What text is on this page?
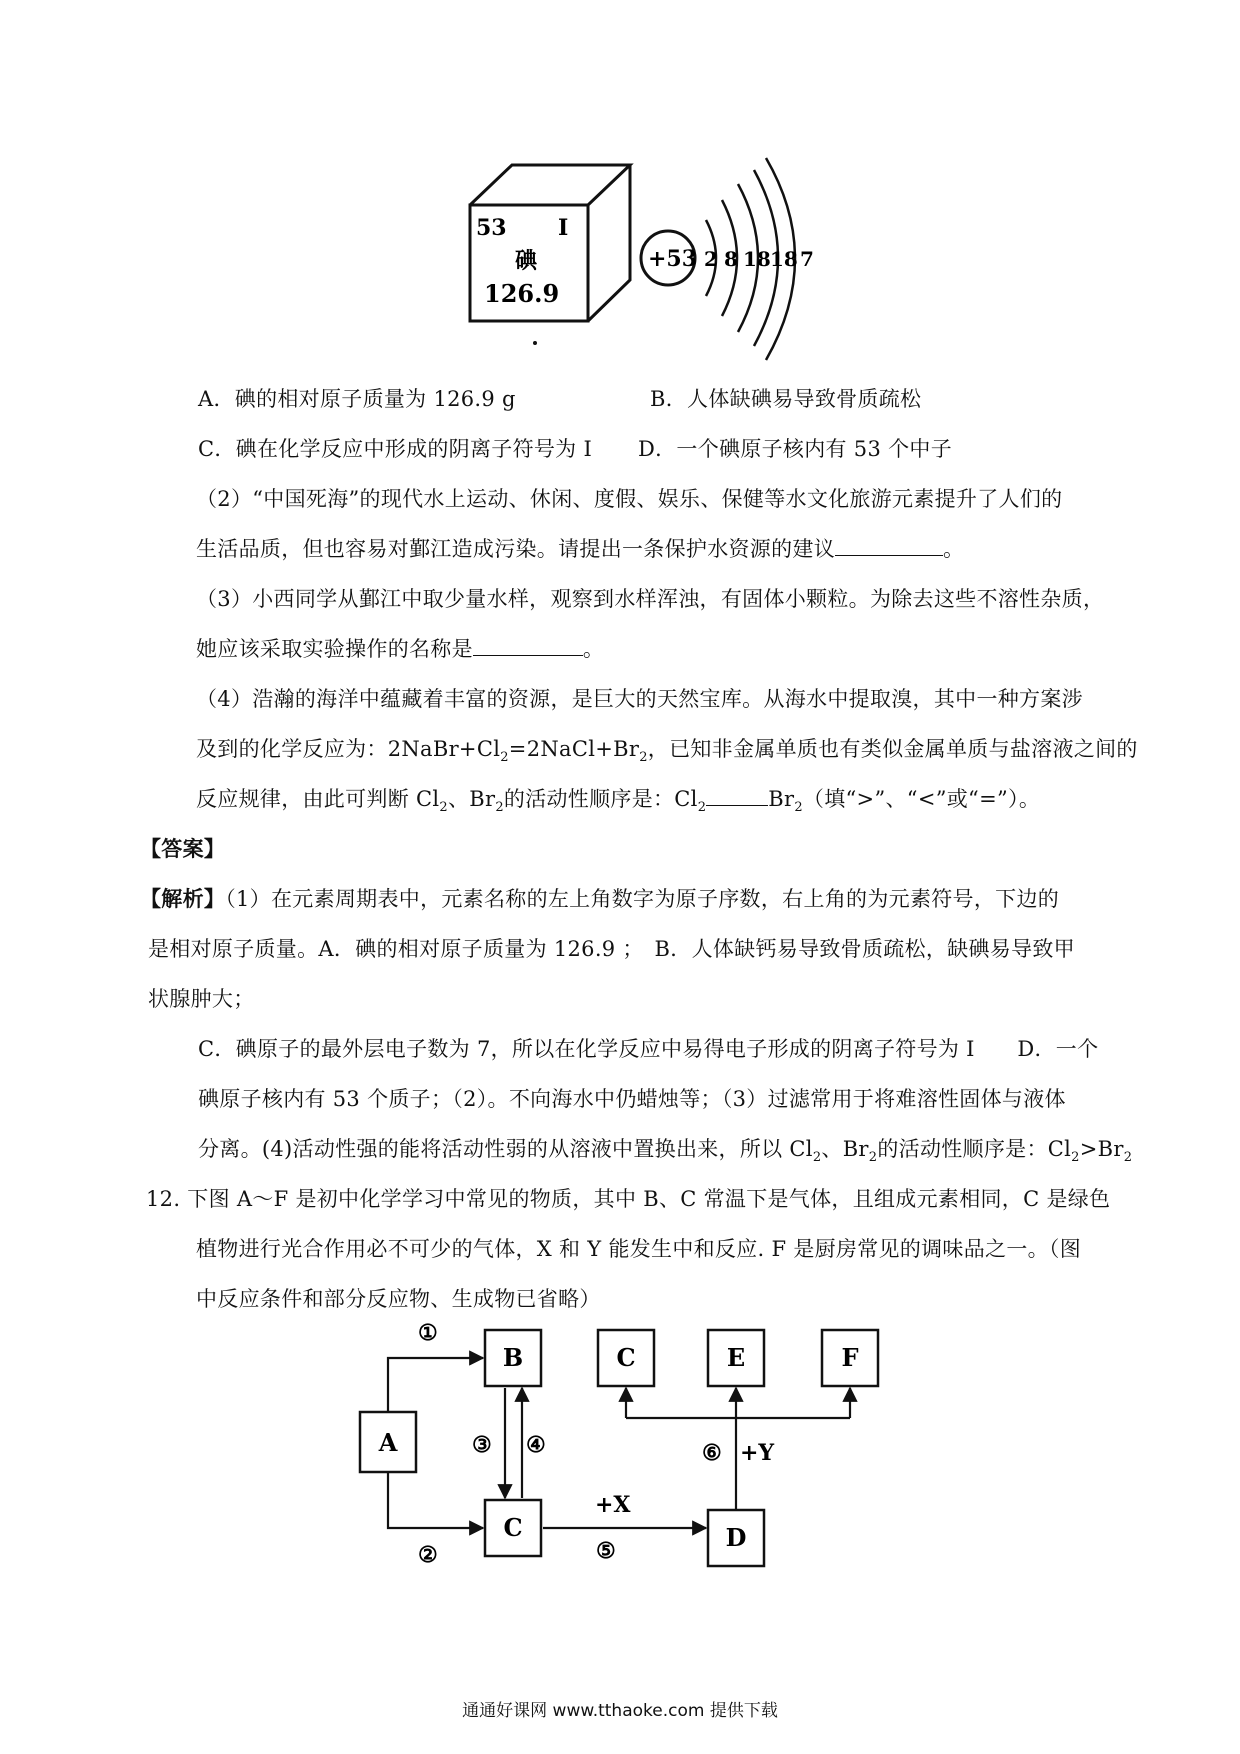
53 I
碘
126.9
+53 2 8 18 18 7
A．碘的相对原子质量为 126.9 g	B．人体缺碘易导致骨质疏松
C．碘在化学反应中形成的阴离子符号为 I D．一个碘原子核内有 53 个中子
（2）“中国死海”的现代水上运动、休闲、度假、娱乐、保健等水文化旅游元素提升了人们的
生活品质，但也容易对鄞江造成污染。请提出一条保护水资源的建议	。
（3）小西同学从鄞江中取少量水样，观察到水样浑浊，有固体小颗粒。为除去这些不溶性杂质，
她应该采取实验操作的名称是	。
（4）浩瀚的海洋中蕴藏着丰富的资源，是巨大的天然宝库。从海水中提取溴，其中一种方案涉
及到的化学反应为：$2NaBr+Cl_2=2NaCl+Br_2$，已知非金属单质也有类似金属单质与盐溶液之间的
反应规律，由此可判断 $Cl_2$、$Br_2$的活动性顺序是：$Cl_2$	$Br_2$（填“>”、“<”或“=”）。
【答案】
【解析】（1）在元素周期表中，元素名称的左上角数字为原子序数，右上角的为元素符号，下边的
是相对原子质量。A．碘的相对原子质量为 126.9 ；　B．人体缺钙易导致骨质疏松，缺碘易导致甲
状腺肿大；
C．碘原子的最外层电子数为 7，所以在化学反应中易得电子形成的阴离子符号为 I　　D．一个
碘原子核内有 53 个质子；（2）。不向海水中仍蜡烛等；（3）过滤常用于将难溶性固体与液体
分离。(4)活动性强的能将活动性弱的从溶液中置换出来，所以 $Cl_2$、$Br_2$的活动性顺序是：$Cl_2>Br_2$
12. 下图 A～F 是初中化学学习中常见的物质，其中 B、C 常温下是气体，且组成元素相同，C 是绿色
植物进行光合作用必不可少的气体，X 和 Y 能发生中和反应. F 是厨房常见的调味品之一。（图
中反应条件和部分反应物、生成物已省略）
A
B
C	D
C	E	F
①
②
③ ④
+X
⑤
⑥ +Y
通通好课网 www.tthaoke.com 提供下载
